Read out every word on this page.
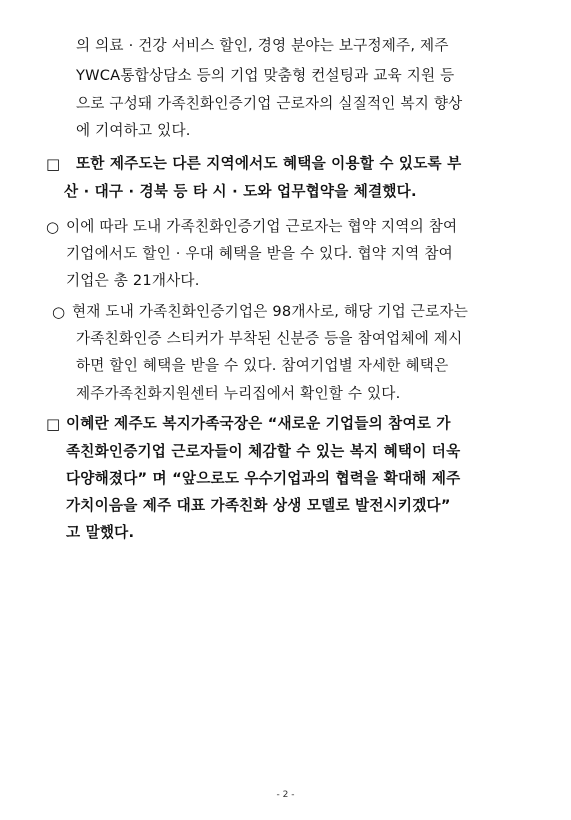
의 의료 · 건강 서비스 할인, 경영 분야는 보구정제주, 제주
YWCA통합상담소 등의 기업 맞춤형 컨설팅과 교육 지원 등
으로 구성돼 가족친화인증기업 근로자의 실질적인 복지 향상
에 기여하고 있다.
□ 또한 제주도는 다른 지역에서도 혜택을 이용할 수 있도록 부
산 · 대구 · 경북 등 타 시 · 도와 업무협약을 체결했다.
○ 이에 따라 도내 가족친화인증기업 근로자는 협약 지역의 참여
기업에서도 할인 · 우대 혜택을 받을 수 있다. 협약 지역 참여
기업은 총 21개사다.
○ 현재 도내 가족친화인증기업은 98개사로, 해당 기업 근로자는
가족친화인증 스티커가 부착된 신분증 등을 참여업체에 제시
하면 할인 혜택을 받을 수 있다. 참여기업별 자세한 혜택은
제주가족친화지원센터 누리집에서 확인할 수 있다.
□ 이혜란 제주도 복지가족국장은 “새로운 기업들의 참여로 가
족친화인증기업 근로자들이 체감할 수 있는 복지 혜택이 더욱
다양해졌다” 며 “앞으로도 우수기업과의 협력을 확대해 제주
가치이음을 제주 대표 가족친화 상생 모델로 발전시키겠다”
고 말했다.
- 2 -
